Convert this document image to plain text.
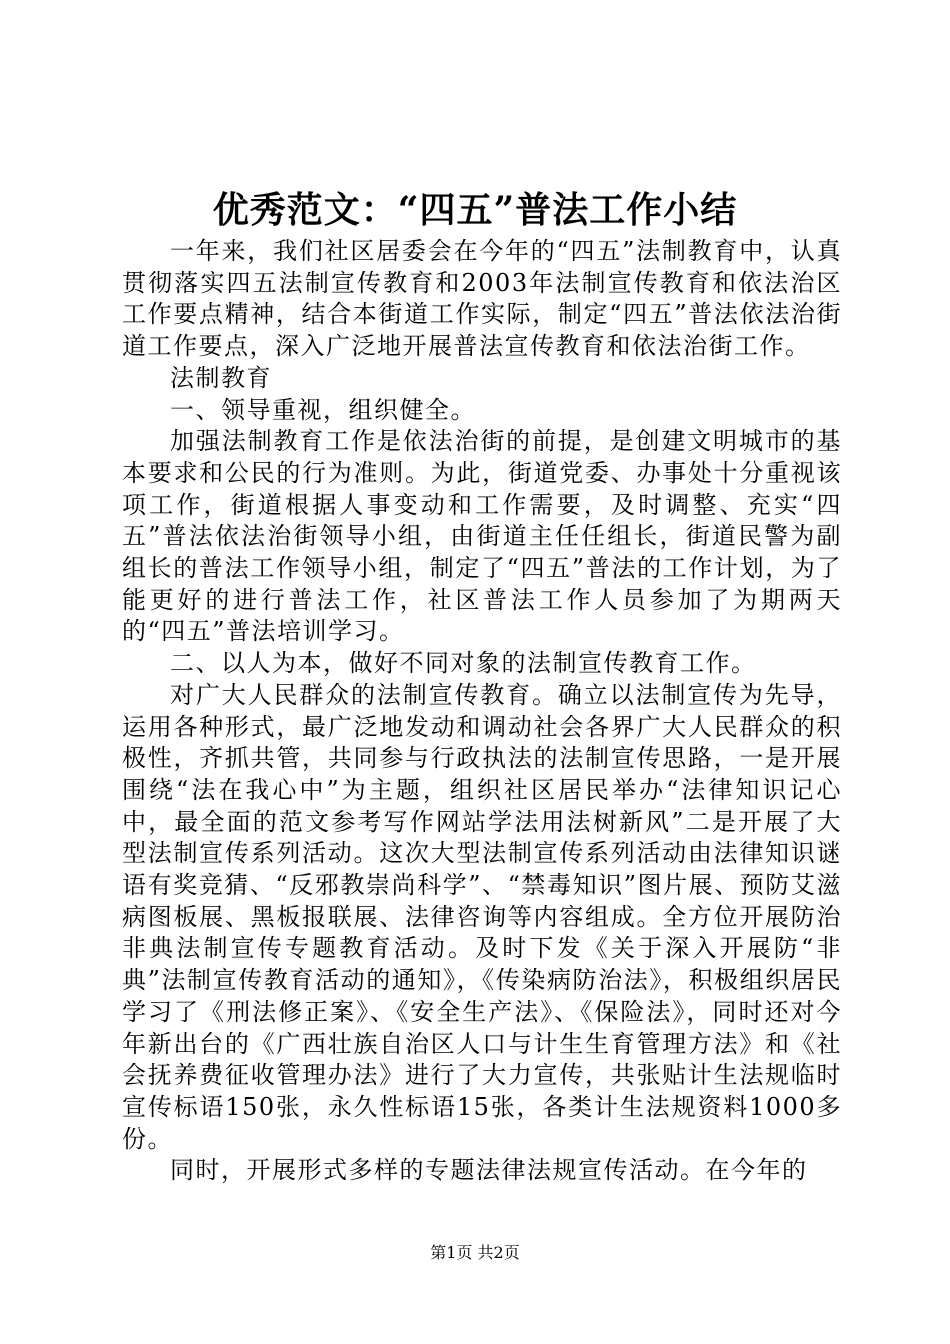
优秀范文：“四五”普法工作小结

一年来，我们社区居委会在今年的“四五”法制教育中，认真贯彻落实四五法制宣传教育和2003年法制宣传教育和依法治区工作要点精神，结合本街道工作实际，制定“四五”普法依法治街道工作要点，深入广泛地开展普法宣传教育和依法治街工作。

法制教育

一、领导重视，组织健全。

加强法制教育工作是依法治街的前提，是创建文明城市的基本要求和公民的行为准则。为此，街道党委、办事处十分重视该项工作，街道根据人事变动和工作需要，及时调整、充实“四五”普法依法治街领导小组，由街道主任任组长，街道民警为副组长的普法工作领导小组，制定了“四五”普法的工作计划，为了能更好的进行普法工作，社区普法工作人员参加了为期两天的“四五”普法培训学习。

二、以人为本，做好不同对象的法制宣传教育工作。

对广大人民群众的法制宣传教育。确立以法制宣传为先导，运用各种形式，最广泛地发动和调动社会各界广大人民群众的积极性，齐抓共管，共同参与行政执法的法制宣传思路，一是开展围绕“法在我心中”为主题，组织社区居民举办“法律知识记心中，最全面的范文参考写作网站学法用法树新风”二是开展了大型法制宣传系列活动。这次大型法制宣传系列活动由法律知识谜语有奖竞猜、“反邪教崇尚科学”、“禁毒知识”图片展、预防艾滋病图板展、黑板报联展、法律咨询等内容组成。全方位开展防治非典法制宣传专题教育活动。及时下发《关于深入开展防“非典”法制宣传教育活动的通知》，《传染病防治法》，积极组织居民学习了《刑法修正案》、《安全生产法》、《保险法》，同时还对今年新出台的《广西壮族自治区人口与计生生育管理方法》和《社会抚养费征收管理办法》进行了大力宣传，共张贴计生法规临时宣传标语150张，永久性标语15张，各类计生法规资料1000多份。

同时，开展形式多样的专题法律法规宣传活动。在今年的

第1页 共2页
